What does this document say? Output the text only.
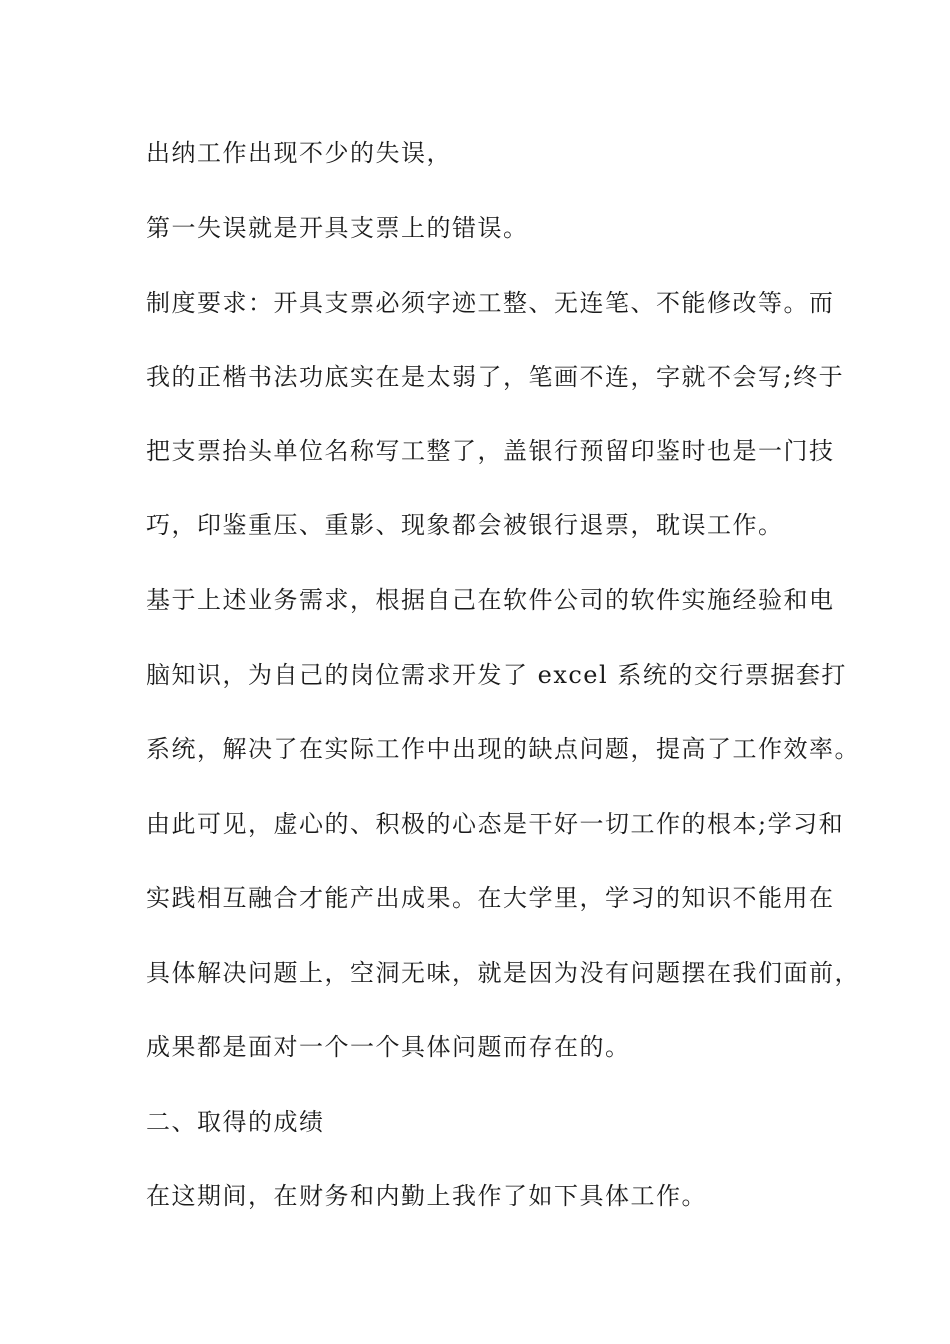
出纳工作出现不少的失误，
第一失误就是开具支票上的错误。
制度要求：开具支票必须字迹工整、无连笔、不能修改等。而
我的正楷书法功底实在是太弱了，笔画不连，字就不会写;终于
把支票抬头单位名称写工整了，盖银行预留印鉴时也是一门技
巧，印鉴重压、重影、现象都会被银行退票，耽误工作。
基于上述业务需求，根据自己在软件公司的软件实施经验和电
脑知识，为自己的岗位需求开发了 excel 系统的交行票据套打
系统，解决了在实际工作中出现的缺点问题，提高了工作效率。
由此可见，虚心的、积极的心态是干好一切工作的根本;学习和
实践相互融合才能产出成果。在大学里，学习的知识不能用在
具体解决问题上，空洞无味，就是因为没有问题摆在我们面前，
成果都是面对一个一个具体问题而存在的。
二、取得的成绩
在这期间，在财务和内勤上我作了如下具体工作。
